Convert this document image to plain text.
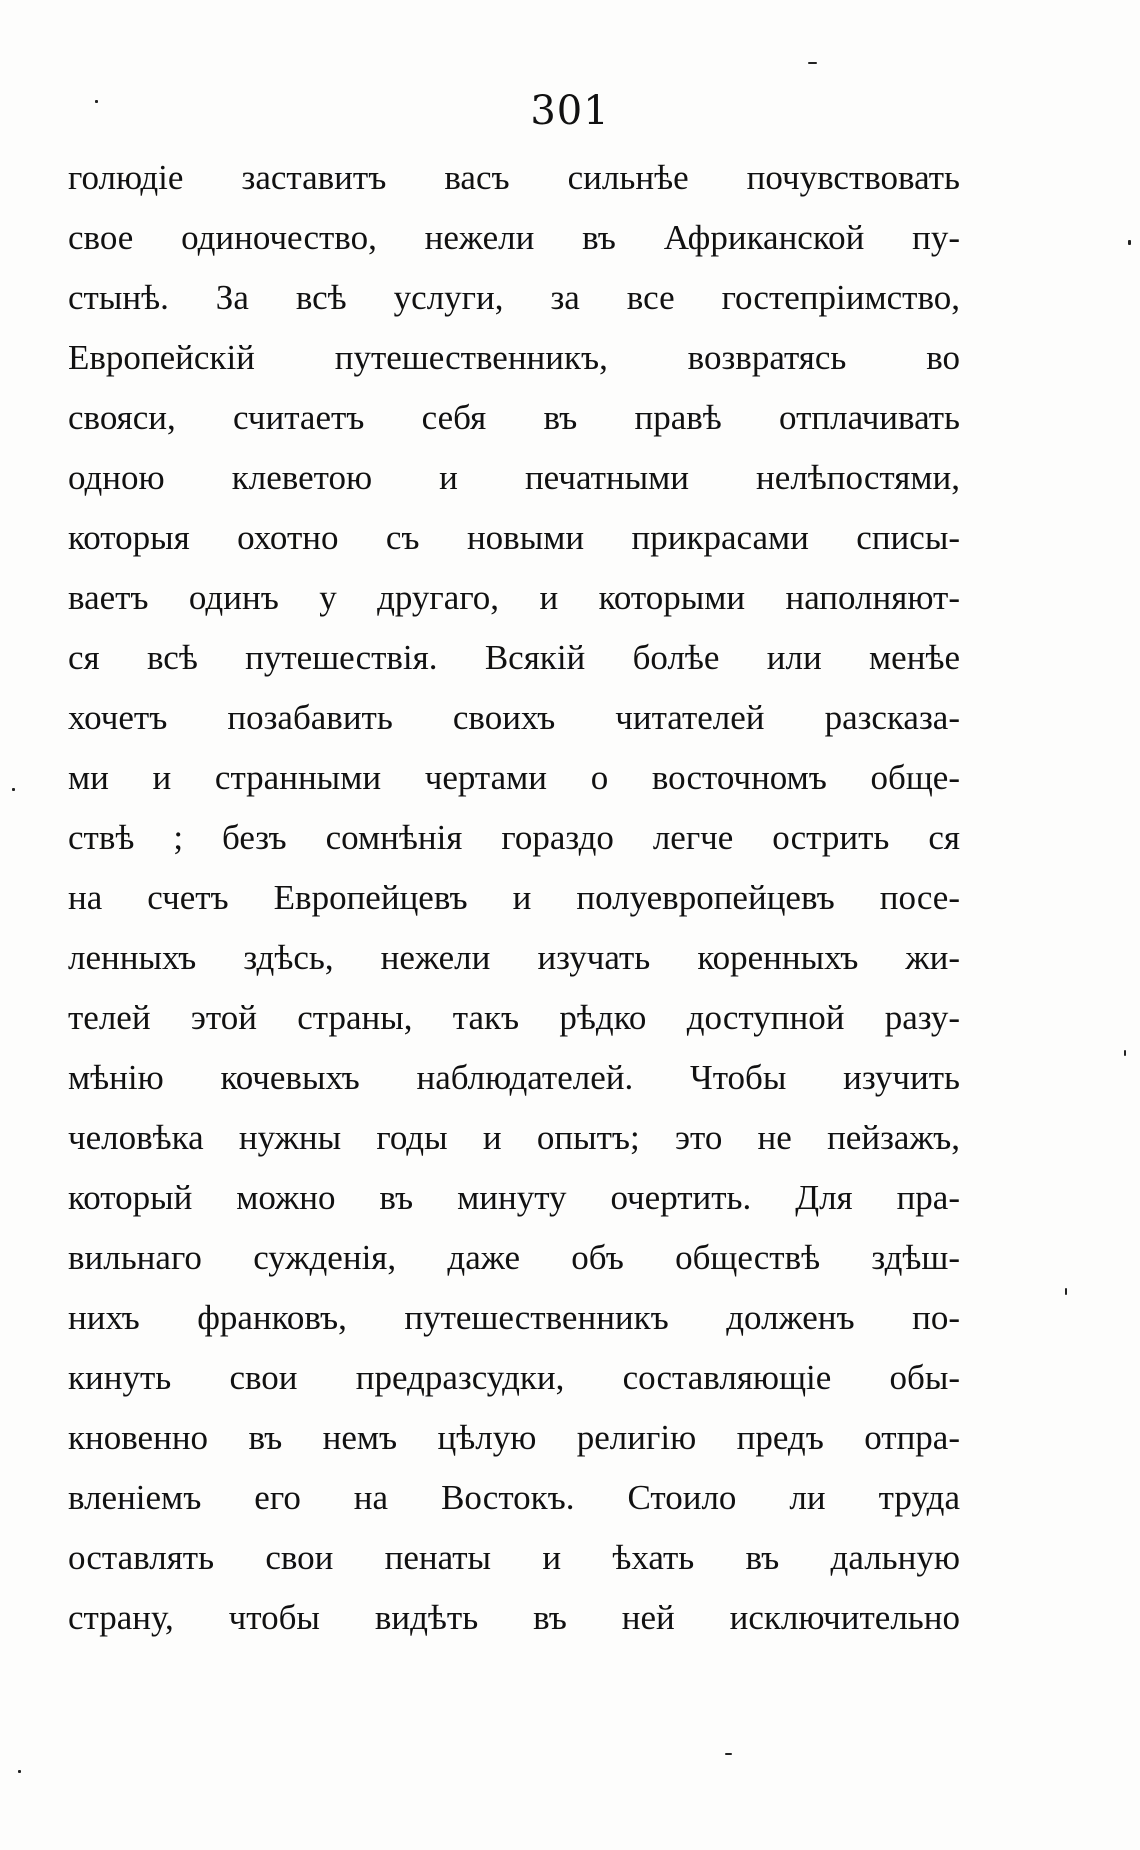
301
голюдіе заставитъ васъ сильнѣе почувствовать
свое одиночество, нежели въ Африканской пу-
стынѣ. За всѣ услуги, за все гостепріимство,
Европейскій путешественникъ, возвратясь во
свояси, считаетъ себя въ правѣ отплачивать
одною клеветою и печатными нелѣпостями,
которыя охотно съ новыми прикрасами списы-
ваетъ одинъ у другаго, и которыми наполняют-
ся всѣ путешествія. Всякій болѣе или менѣе
хочетъ позабавить своихъ читателей разсказа-
ми и странными чертами о восточномъ обще-
ствѣ ; безъ сомнѣнія гораздо легче острить ся
на счетъ Европейцевъ и полуевропейцевъ посе-
ленныхъ здѣсь, нежели изучать коренныхъ жи-
телей этой страны, такъ рѣдко доступной разу-
мѣнію кочевыхъ наблюдателей. Чтобы изучить
человѣка нужны годы и опытъ; это не пейзажъ,
который можно въ минуту очертить. Для пра-
вильнаго сужденія, даже объ обществѣ здѣш-
нихъ франковъ, путешественникъ долженъ по-
кинуть свои предразсудки, составляющіе обы-
кновенно въ немъ цѣлую религію предъ отпра-
вленіемъ его на Востокъ. Стоило ли труда
оставлять свои пенаты и ѣхать въ дальную
страну, чтобы видѣть въ ней исключительно
